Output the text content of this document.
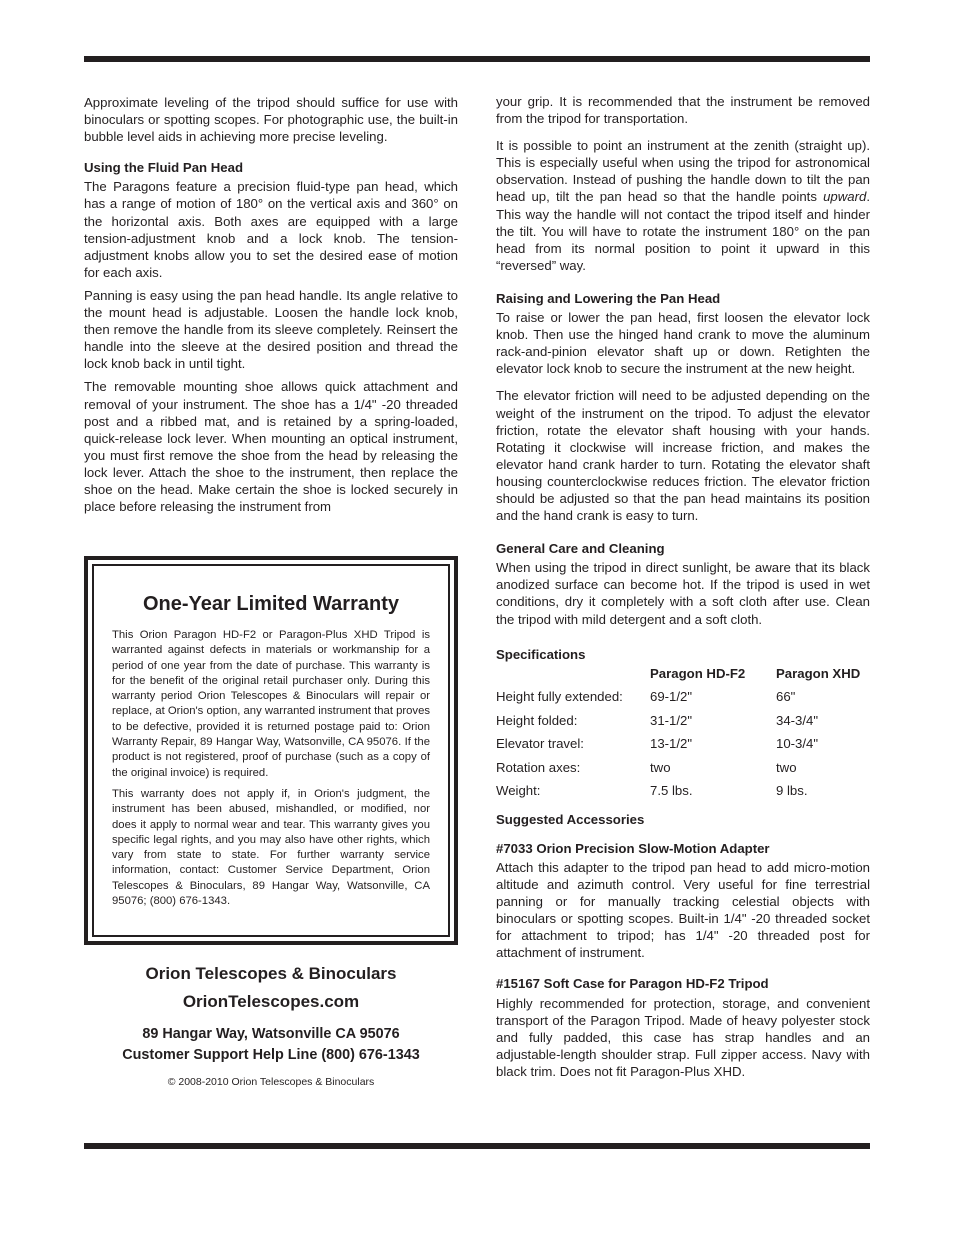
Approximate leveling of the tripod should suffice for use with binoculars or spotting scopes. For photographic use, the built-in bubble level aids in achieving more precise leveling.

Using the Fluid Pan Head

The Paragons feature a precision fluid-type pan head, which has a range of motion of 180° on the vertical axis and 360° on the horizontal axis. Both axes are equipped with a large tension-adjustment knob and a lock knob. The tension-adjustment knobs allow you to set the desired ease of motion for each axis.

Panning is easy using the pan head handle. Its angle relative to the mount head is adjustable. Loosen the handle lock knob, then remove the handle from its sleeve completely. Reinsert the handle into the sleeve at the desired position and thread the lock knob back in until tight.

The removable mounting shoe allows quick attachment and removal of your instrument. The shoe has a 1/4" -20 threaded post and a ribbed mat, and is retained by a spring-loaded, quick-release lock lever. When mounting an optical instrument, you must first remove the shoe from the head by releasing the lock lever. Attach the shoe to the instrument, then replace the shoe on the head. Make certain the shoe is locked securely in place before releasing the instrument from

One-Year Limited Warranty

This Orion Paragon HD-F2 or Paragon-Plus XHD Tripod is warranted against defects in materials or workmanship for a period of one year from the date of purchase. This warranty is for the benefit of the original retail purchaser only. During this warranty period Orion Telescopes & Binoculars will repair or replace, at Orion's option, any warranted instrument that proves to be defective, provided it is returned postage paid to: Orion Warranty Repair, 89 Hangar Way, Watsonville, CA 95076. If the product is not registered, proof of purchase (such as a copy of the original invoice) is required.

This warranty does not apply if, in Orion's judgment, the instrument has been abused, mishandled, or modified, nor does it apply to normal wear and tear. This warranty gives you specific legal rights, and you may also have other rights, which vary from state to state. For further warranty service information, contact: Customer Service Department, Orion Telescopes & Binoculars, 89 Hangar Way, Watsonville, CA 95076; (800) 676-1343.

Orion Telescopes & Binoculars
OrionTelescopes.com
89 Hangar Way, Watsonville CA 95076
Customer Support Help Line (800) 676-1343
© 2008-2010 Orion Telescopes & Binoculars

your grip. It is recommended that the instrument be removed from the tripod for transportation.

It is possible to point an instrument at the zenith (straight up). This is especially useful when using the tripod for astronomical observation. Instead of pushing the handle down to tilt the pan head up, tilt the pan head so that the handle points upward. This way the handle will not contact the tripod itself and hinder the tilt. You will have to rotate the instrument 180° on the pan head from its normal position to point it upward in this “reversed” way.

Raising and Lowering the Pan Head

To raise or lower the pan head, first loosen the elevator lock knob. Then use the hinged hand crank to move the aluminum rack-and-pinion elevator shaft up or down. Retighten the elevator lock knob to secure the instrument at the new height.

The elevator friction will need to be adjusted depending on the weight of the instrument on the tripod. To adjust the elevator friction, rotate the elevator shaft housing with your hands. Rotating it clockwise will increase friction, and makes the elevator hand crank harder to turn. Rotating the elevator shaft housing counterclockwise reduces friction. The elevator friction should be adjusted so that the pan head maintains its position and the hand crank is easy to turn.

General Care and Cleaning

When using the tripod in direct sunlight, be aware that its black anodized surface can become hot. If the tripod is used in wet conditions, dry it completely with a soft cloth after use. Clean the tripod with mild detergent and a soft cloth.

Specifications
	Paragon HD-F2	Paragon XHD
Height fully extended:	69-1/2"	66"
Height folded:	31-1/2"	34-3/4"
Elevator travel:	13-1/2"	10-3/4"
Rotation axes:	two	two
Weight:	7.5 lbs.	9 lbs.
Suggested Accessories
#7033 Orion Precision Slow-Motion Adapter

Attach this adapter to the tripod pan head to add micro-motion altitude and azimuth control. Very useful for fine terrestrial panning or for manually tracking celestial objects with binoculars or spotting scopes. Built-in 1/4" -20 threaded socket for attachment to tripod; has 1/4" -20 threaded post for attachment of instrument.

#15167 Soft Case for Paragon HD-F2 Tripod

Highly recommended for protection, storage, and convenient transport of the Paragon Tripod. Made of heavy polyester stock and fully padded, this case has strap handles and an adjustable-length shoulder strap. Full zipper access. Navy with black trim. Does not fit Paragon-Plus XHD.
